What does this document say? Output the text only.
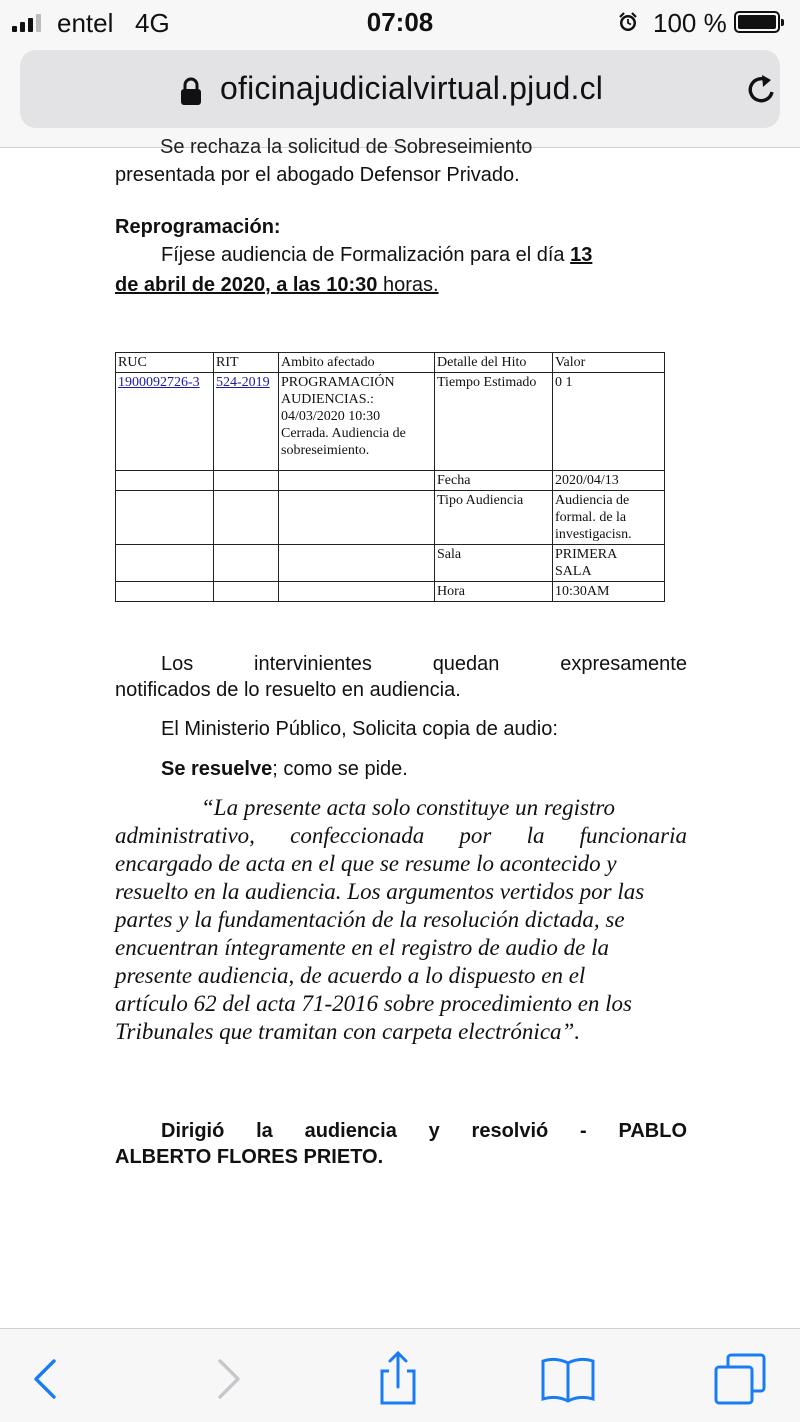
entel 4G	07:08	100 %
oficinajudicialvirtual.pjud.cl
Se rechaza la solicitud de Sobreseimiento
presentada por el abogado Defensor Privado.
Reprogramación:
Fíjese audiencia de Formalización para el día 13
de abril de 2020, a las 10:30 horas.
RUC	RIT	Ambito afectado	Detalle del Hito	Valor
1900092726-3	524-2019	PROGRAMACIÓN
AUDIENCIAS.:
04/03/2020 10:30
Cerrada. Audiencia de
sobreseimiento.	Tiempo Estimado	0 1
			Fecha	2020/04/13
			Tipo Audiencia	Audiencia de
formal. de la
investigacisn.

			Sala	PRIMERA
SALA

			Hora	10:30AM
Los	intervinientes	quedan	expresamente
notificados de lo resuelto en audiencia.
El Ministerio Público, Solicita copia de audio:
Se resuelve; como se pide.
“La presente acta solo constituye un registro
administrativo, confeccionada por la funcionaria
encargado de acta en el que se resume lo acontecido y
resuelto en la audiencia. Los argumentos vertidos por las
partes y la fundamentación de la resolución dictada, se
encuentran íntegramente en el registro de audio de la
presente audiencia, de acuerdo a lo dispuesto en el
artículo 62 del acta 71-2016 sobre procedimiento en los
Tribunales que tramitan con carpeta electrónica”.
Dirigió la audiencia y resolvió - PABLO
ALBERTO FLORES PRIETO.
